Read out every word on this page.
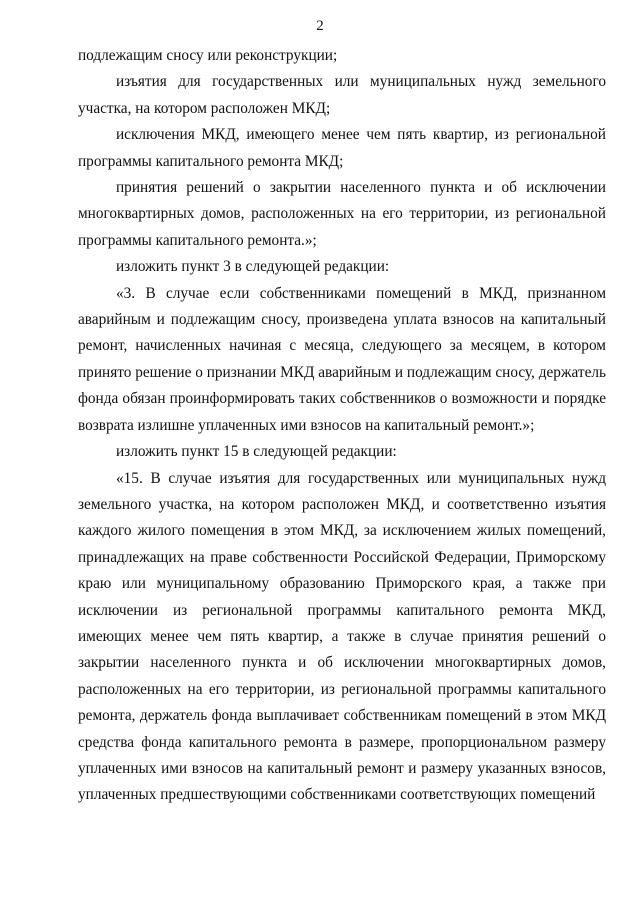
2

подлежащим сносу или реконструкции;

изъятия для государственных или муниципальных нужд земельного участка, на котором расположен МКД;

исключения МКД, имеющего менее чем пять квартир, из региональной программы капитального ремонта МКД;

принятия решений о закрытии населенного пункта и об исключении многоквартирных домов, расположенных на его территории, из региональной программы капитального ремонта.»;

изложить пункт 3 в следующей редакции:

«3. В случае если собственниками помещений в МКД, признанном аварийным и подлежащим сносу, произведена уплата взносов на капитальный ремонт, начисленных начиная с месяца, следующего за месяцем, в котором принято решение о признании МКД аварийным и подлежащим сносу, держатель фонда обязан проинформировать таких собственников о возможности и порядке возврата излишне уплаченных ими взносов на капитальный ремонт.»;

изложить пункт 15 в следующей редакции:

«15. В случае изъятия для государственных или муниципальных нужд земельного участка, на котором расположен МКД, и соответственно изъятия каждого жилого помещения в этом МКД, за исключением жилых помещений, принадлежащих на праве собственности Российской Федерации, Приморскому краю или муниципальному образованию Приморского края, а также при исключении из региональной программы капитального ремонта МКД, имеющих менее чем пять квартир, а также в случае принятия решений о закрытии населенного пункта и об исключении многоквартирных домов, расположенных на его территории, из региональной программы капитального ремонта, держатель фонда выплачивает собственникам помещений в этом МКД средства фонда капитального ремонта в размере, пропорциональном размеру уплаченных ими взносов на капитальный ремонт и размеру указанных взносов, уплаченных предшествующими собственниками соответствующих помещений
